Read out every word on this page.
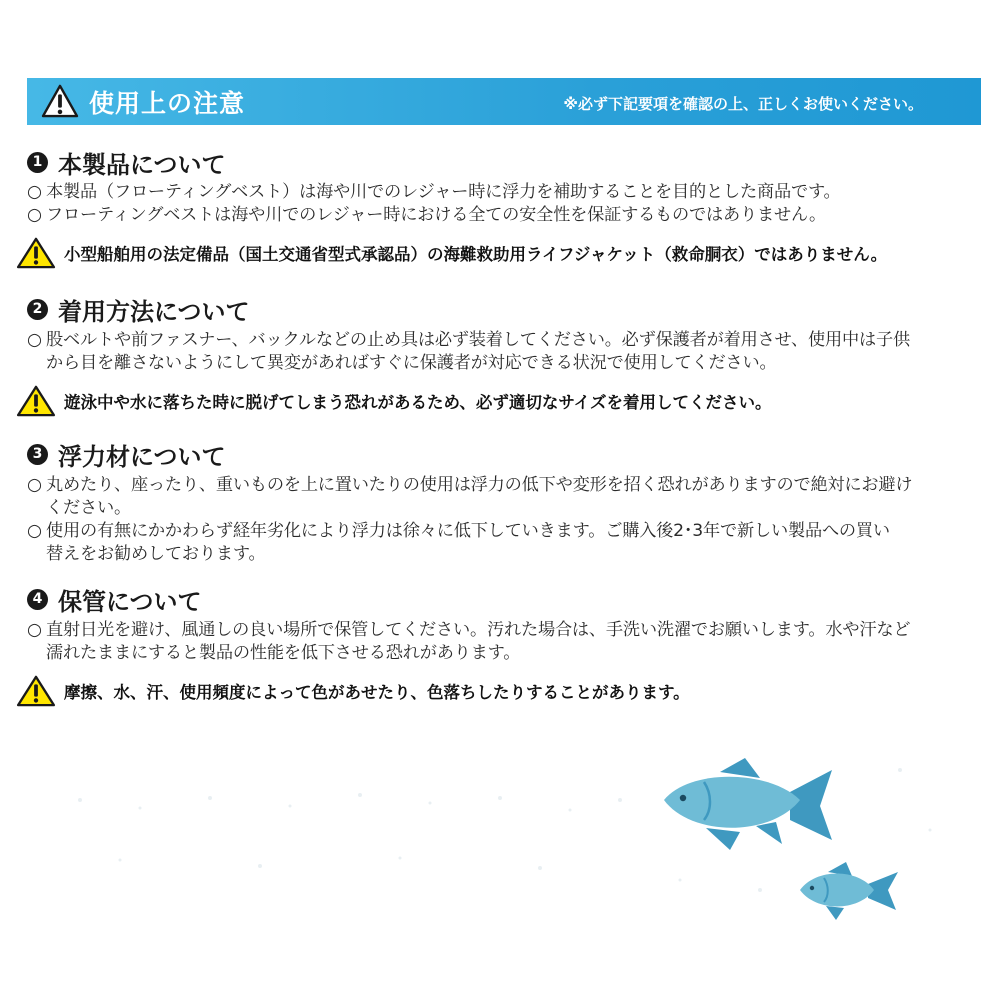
使用上の注意	※必ず下記要項を確認の上、正しくお使いください。
1 本製品について
○ 本製品（フローティングベスト）は海や川でのレジャー時に浮力を補助することを目的とした商品です。
○ フローティングベストは海や川でのレジャー時における全ての安全性を保証するものではありません。
小型船舶用の法定備品（国土交通省型式承認品）の海難救助用ライフジャケット（救命胴衣）ではありません。
2 着用方法について
○ 股ベルトや前ファスナー、バックルなどの止め具は必ず装着してください。必ず保護者が着用させ、使用中は子供
から目を離さないようにして異変があればすぐに保護者が対応できる状況で使用してください。
遊泳中や水に落ちた時に脱げてしまう恐れがあるため、必ず適切なサイズを着用してください。
3 浮力材について
○ 丸めたり、座ったり、重いものを上に置いたりの使用は浮力の低下や変形を招く恐れがありますので絶対にお避け
ください。
○ 使用の有無にかかわらず経年劣化により浮力は徐々に低下していきます。ご購入後2･3年で新しい製品への買い
替えをお勧めしております。
4 保管について
○ 直射日光を避け、風通しの良い場所で保管してください。汚れた場合は、手洗い洗濯でお願いします。水や汗など
濡れたままにすると製品の性能を低下させる恐れがあります。
摩擦、水、汗、使用頻度によって色があせたり、色落ちしたりすることがあります。
